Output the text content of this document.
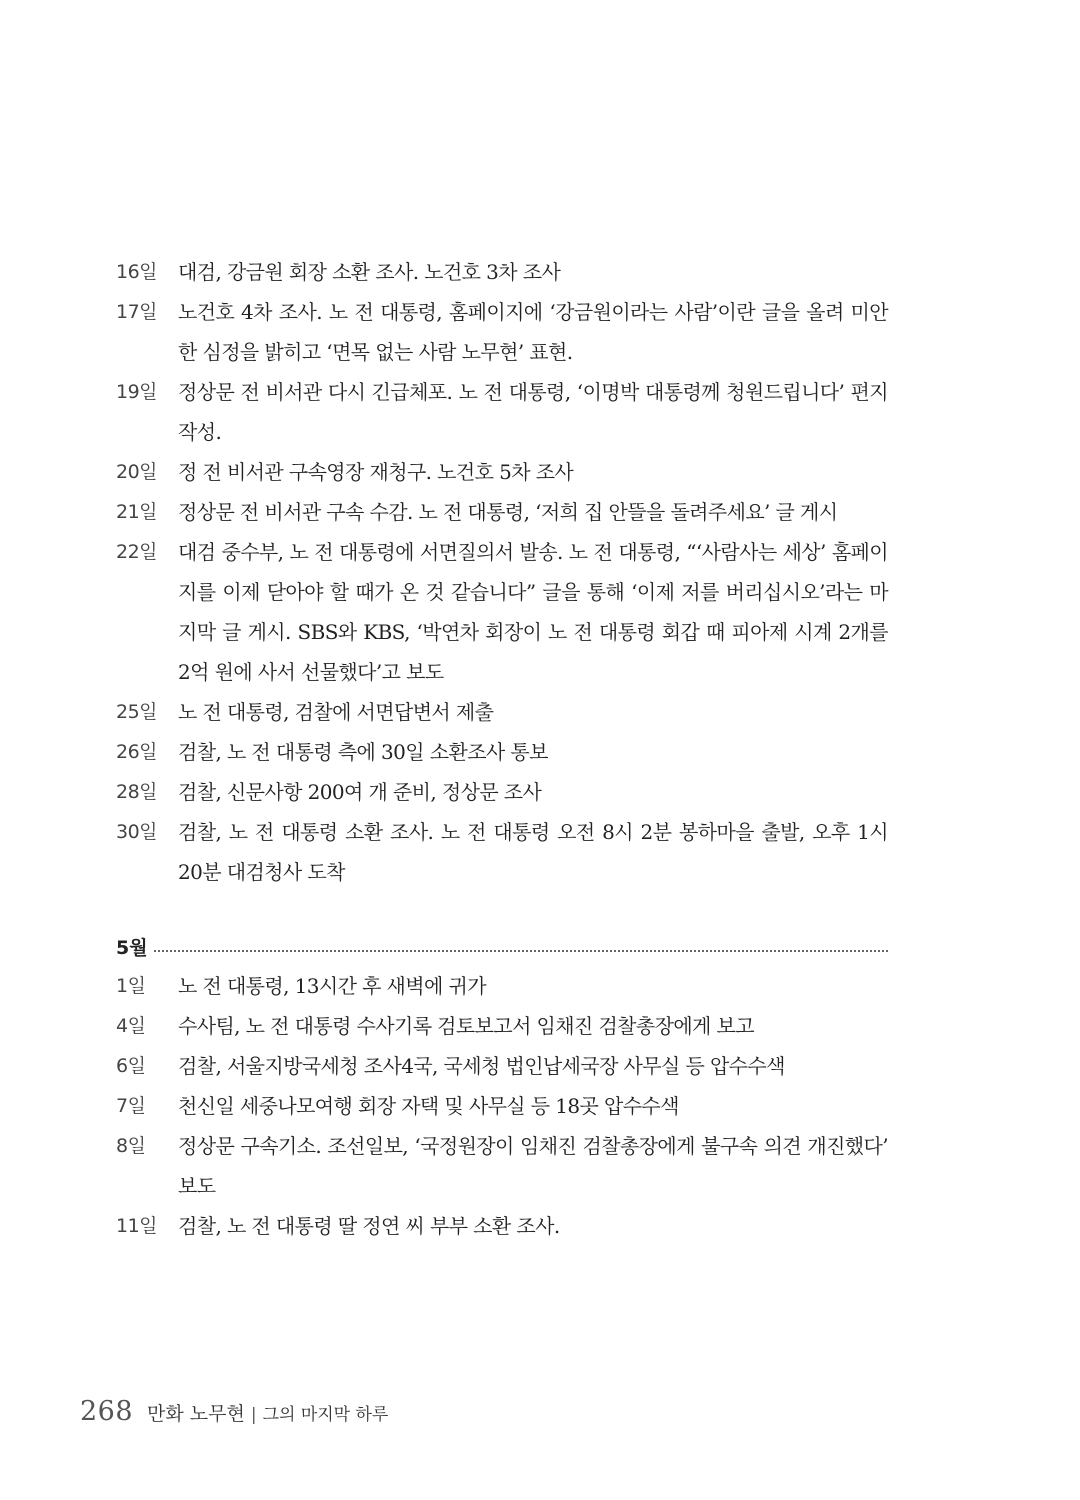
16일	대검, 강금원 회장 소환 조사. 노건호 3차 조사
17일	노건호 4차 조사. 노 전 대통령, 홈페이지에 ‘강금원이라는 사람’이란 글을 올려 미안한 심정을 밝히고 ‘면목 없는 사람 노무현’ 표현.
19일	정상문 전 비서관 다시 긴급체포. 노 전 대통령, ‘이명박 대통령께 청원드립니다’ 편지 작성.
20일	정 전 비서관 구속영장 재청구. 노건호 5차 조사
21일	정상문 전 비서관 구속 수감. 노 전 대통령, ‘저희 집 안뜰을 돌려주세요’ 글 게시
22일	대검 중수부, 노 전 대통령에 서면질의서 발송. 노 전 대통령, “‘사람사는 세상’ 홈페이지를 이제 닫아야 할 때가 온 것 같습니다” 글을 통해 ‘이제 저를 버리십시오’라는 마지막 글 게시. SBS와 KBS, ‘박연차 회장이 노 전 대통령 회갑 때 피아제 시계 2개를 2억 원에 사서 선물했다’고 보도
25일	노 전 대통령, 검찰에 서면답변서 제출
26일	검찰, 노 전 대통령 측에 30일 소환조사 통보
28일	검찰, 신문사항 200여 개 준비, 정상문 조사
30일	검찰, 노 전 대통령 소환 조사. 노 전 대통령 오전 8시 2분 봉하마을 출발, 오후 1시 20분 대검청사 도착
5월
1일	노 전 대통령, 13시간 후 새벽에 귀가
4일	수사팀, 노 전 대통령 수사기록 검토보고서 임채진 검찰총장에게 보고
6일	검찰, 서울지방국세청 조사4국, 국세청 법인납세국장 사무실 등 압수수색
7일	천신일 세중나모여행 회장 자택 및 사무실 등 18곳 압수수색
8일	정상문 구속기소. 조선일보, ‘국정원장이 임채진 검찰총장에게 불구속 의견 개진했다’ 보도
11일	검찰, 노 전 대통령 딸 정연 씨 부부 소환 조사.
268 만화 노무현 | 그의 마지막 하루
